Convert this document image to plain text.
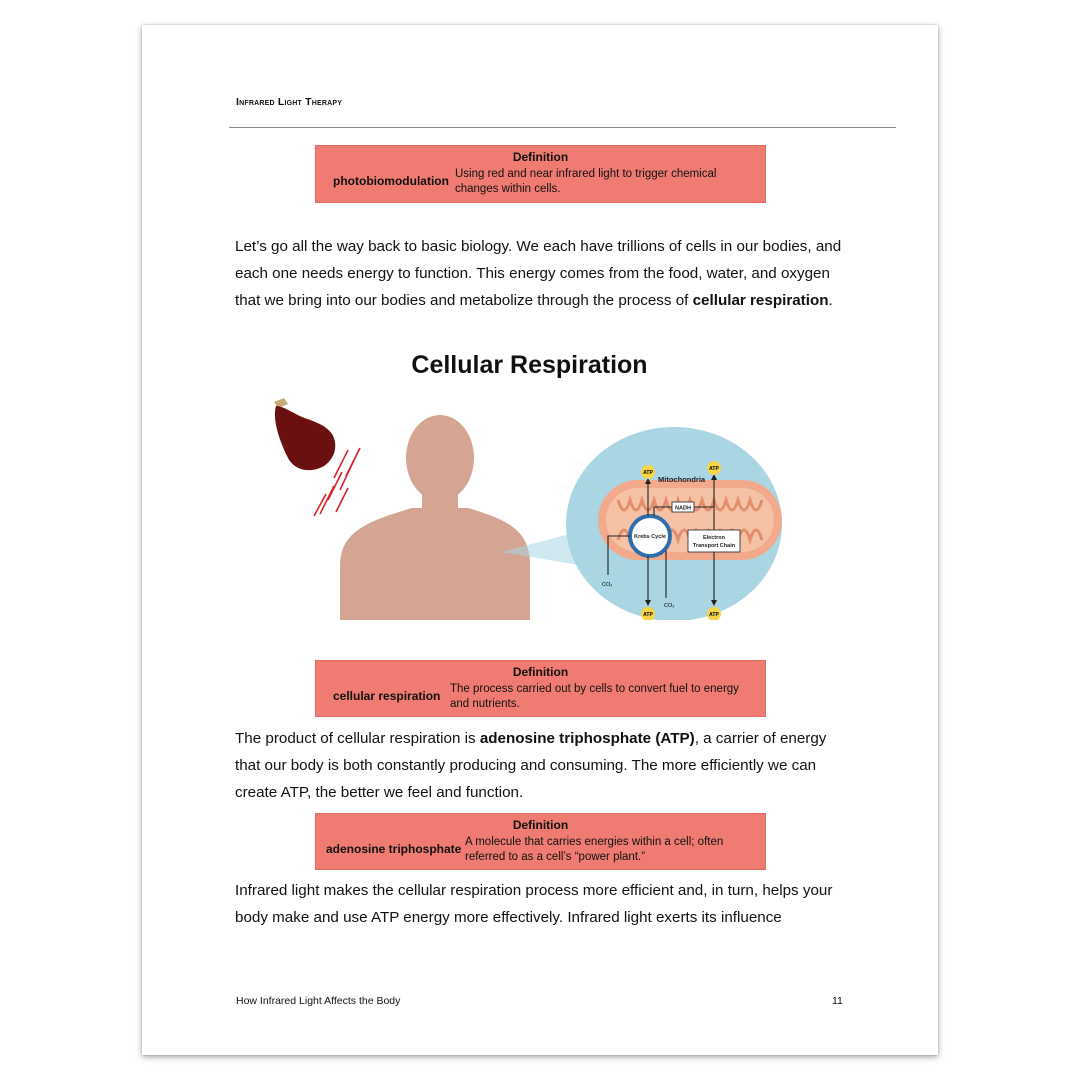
Infrared Light Therapy
Definition
photobiomodulation Using red and near infrared light to trigger chemical changes within cells.
Let’s go all the way back to basic biology. We each have trillions of cells in our bodies, and each one needs energy to function. This energy comes from the food, water, and oxygen that we bring into our bodies and metabolize through the process of cellular respiration.
Cellular Respiration
Mitochondria
Krebs Cycle
NADH
Electron
Transport Chain
ATP
ATP
ATP	ATP
CO₂
CO₂
Definition
cellular respiration The process carried out by cells to convert fuel to energy and nutrients.
The product of cellular respiration is adenosine triphosphate (ATP), a carrier of energy that our body is both constantly producing and consuming. The more efficiently we can create ATP, the better we feel and function.
Definition
adenosine triphosphate A molecule that carries energies within a cell; often referred to as a cell’s “power plant.”
Infrared light makes the cellular respiration process more efficient and, in turn, helps your body make and use ATP energy more effectively. Infrared light exerts its influence
How Infrared Light Affects the Body	11
